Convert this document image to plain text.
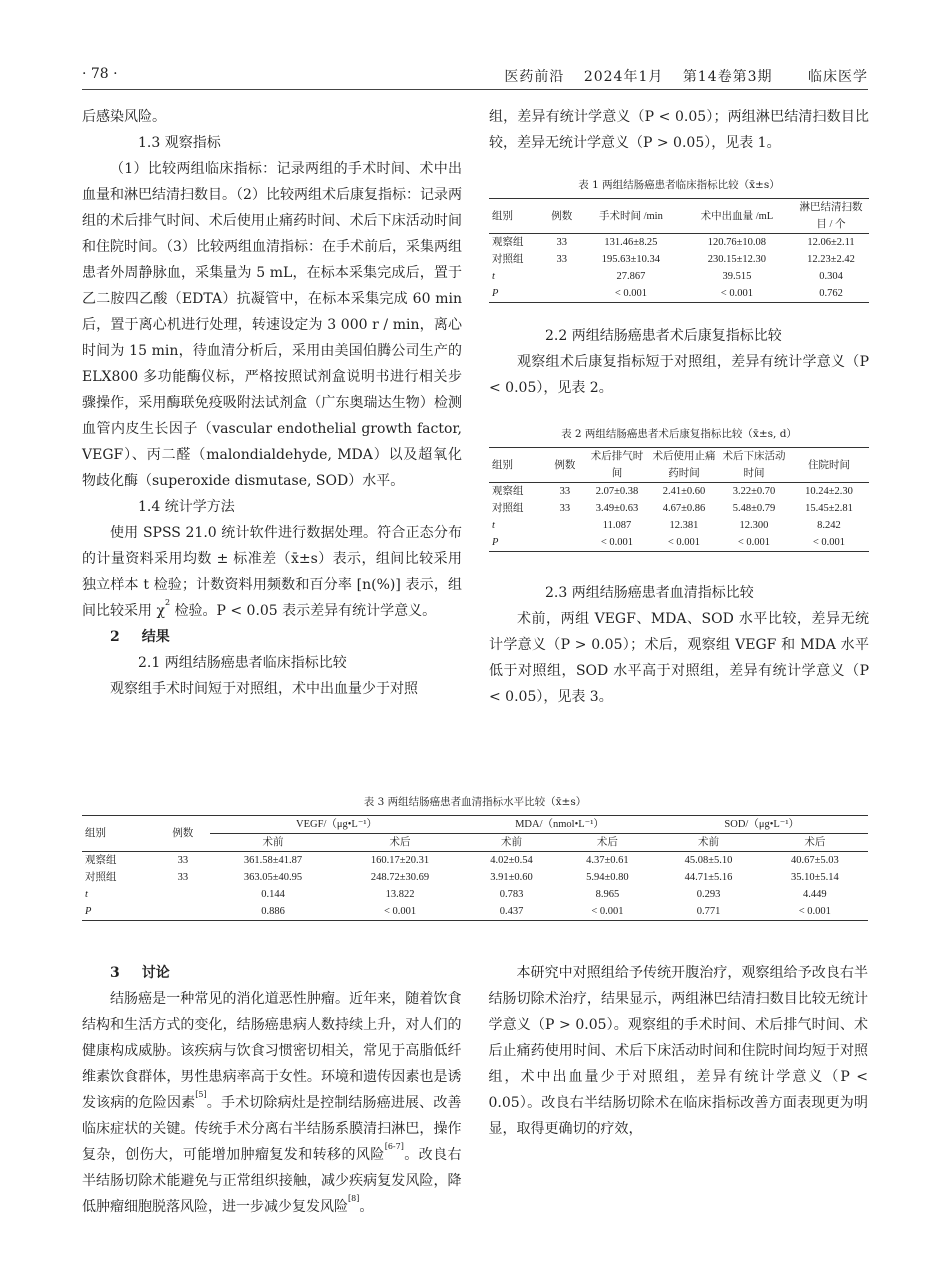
· 78 ·	医药前沿 2024年1月 第14卷第3期	临床医学

后感染风险。

1.3 观察指标

（1）比较两组临床指标：记录两组的手术时间、术中出血量和淋巴结清扫数目。（2）比较两组术后康复指标：记录两组的术后排气时间、术后使用止痛药时间、术后下床活动时间和住院时间。（3）比较两组血清指标：在手术前后，采集两组患者外周静脉血，采集量为 5 mL，在标本采集完成后，置于乙二胺四乙酸（EDTA）抗凝管中，在标本采集完成 60 min 后，置于离心机进行处理，转速设定为 3 000 r / min，离心时间为 15 min，待血清分析后，采用由美国伯腾公司生产的 ELX800 多功能酶仪标，严格按照试剂盒说明书进行相关步骤操作，采用酶联免疫吸附法试剂盒（广东奥瑞达生物）检测血管内皮生长因子（vascular endothelial growth factor, VEGF）、丙二醛（malondialdehyde, MDA）以及超氧化物歧化酶（superoxide dismutase, SOD）水平。

1.4 统计学方法

使用 SPSS 21.0 统计软件进行数据处理。符合正态分布的计量资料采用均数 ± 标准差（x̄±s）表示，组间比较采用独立样本 t 检验；计数资料用频数和百分率 [n(%)] 表示，组间比较采用 $\chi^2$ 检验。P < 0.05 表示差异有统计学意义。

2 结果

2.1 两组结肠癌患者临床指标比较

观察组手术时间短于对照组，术中出血量少于对照

组，差异有统计学意义（P < 0.05）；两组淋巴结清扫数目比较，差异无统计学意义（P > 0.05），见表 1。

表 1 两组结肠癌患者临床指标比较（x̄±s）
组别	例数	手术时间 /min	术中出血量 /mL	淋巴结清扫数目 / 个
观察组	33	131.46±8.25	120.76±10.08	12.06±2.11
对照组	33	195.63±10.34	230.15±12.30	12.23±2.42
t		27.867	39.515	0.304
P		< 0.001	< 0.001	0.762

2.2 两组结肠癌患者术后康复指标比较

观察组术后康复指标短于对照组，差异有统计学意义（P < 0.05），见表 2。

表 2 两组结肠癌患者术后康复指标比较（x̄±s, d）
组别	例数	术后排气时间	术后使用止痛药时间	术后下床活动时间	住院时间
观察组	33	2.07±0.38	2.41±0.60	3.22±0.70	10.24±2.30
对照组	33	3.49±0.63	4.67±0.86	5.48±0.79	15.45±2.81
t		11.087	12.381	12.300	8.242
P		< 0.001	< 0.001	< 0.001	< 0.001

2.3 两组结肠癌患者血清指标比较

术前，两组 VEGF、MDA、SOD 水平比较，差异无统计学意义（P > 0.05）；术后，观察组 VEGF 和 MDA 水平低于对照组，SOD 水平高于对照组，差异有统计学意义（P < 0.05），见表 3。

表 3 两组结肠癌患者血清指标水平比较（x̄±s）
组别	例数	VEGF/（μg•L⁻¹）		MDA/（nmol•L⁻¹）		SOD/（μg•L⁻¹）	
		术前	术后	术前	术后	术前	术后
观察组	33	361.58±41.87	160.17±20.31	4.02±0.54	4.37±0.61	45.08±5.10	40.67±5.03
对照组	33	363.05±40.95	248.72±30.69	3.91±0.60	5.94±0.80	44.71±5.16	35.10±5.14
t		0.144	13.822	0.783	8.965	0.293	4.449
P		0.886	< 0.001	0.437	< 0.001	0.771	< 0.001

3 讨论

结肠癌是一种常见的消化道恶性肿瘤。近年来，随着饮食结构和生活方式的变化，结肠癌患病人数持续上升，对人们的健康构成威胁。该疾病与饮食习惯密切相关，常见于高脂低纤维素饮食群体，男性患病率高于女性。环境和遗传因素也是诱发该病的危险因素[5]。手术切除病灶是控制结肠癌进展、改善临床症状的关键。传统手术分离右半结肠系膜清扫淋巴，操作复杂，创伤大，可能增加肿瘤复发和转移的风险[6-7]。改良右半结肠切除术能避免与正常组织接触，减少疾病复发风险，降低肿瘤细胞脱落风险，进一步减少复发风险[8]。

本研究中对照组给予传统开腹治疗，观察组给予改良右半结肠切除术治疗，结果显示，两组淋巴结清扫数目比较无统计学意义（P > 0.05）。观察组的手术时间、术后排气时间、术后止痛药使用时间、术后下床活动时间和住院时间均短于对照组，术中出血量少于对照组，差异有统计学意义（P < 0.05）。改良右半结肠切除术在临床指标改善方面表现更为明显，取得更确切的疗效，
